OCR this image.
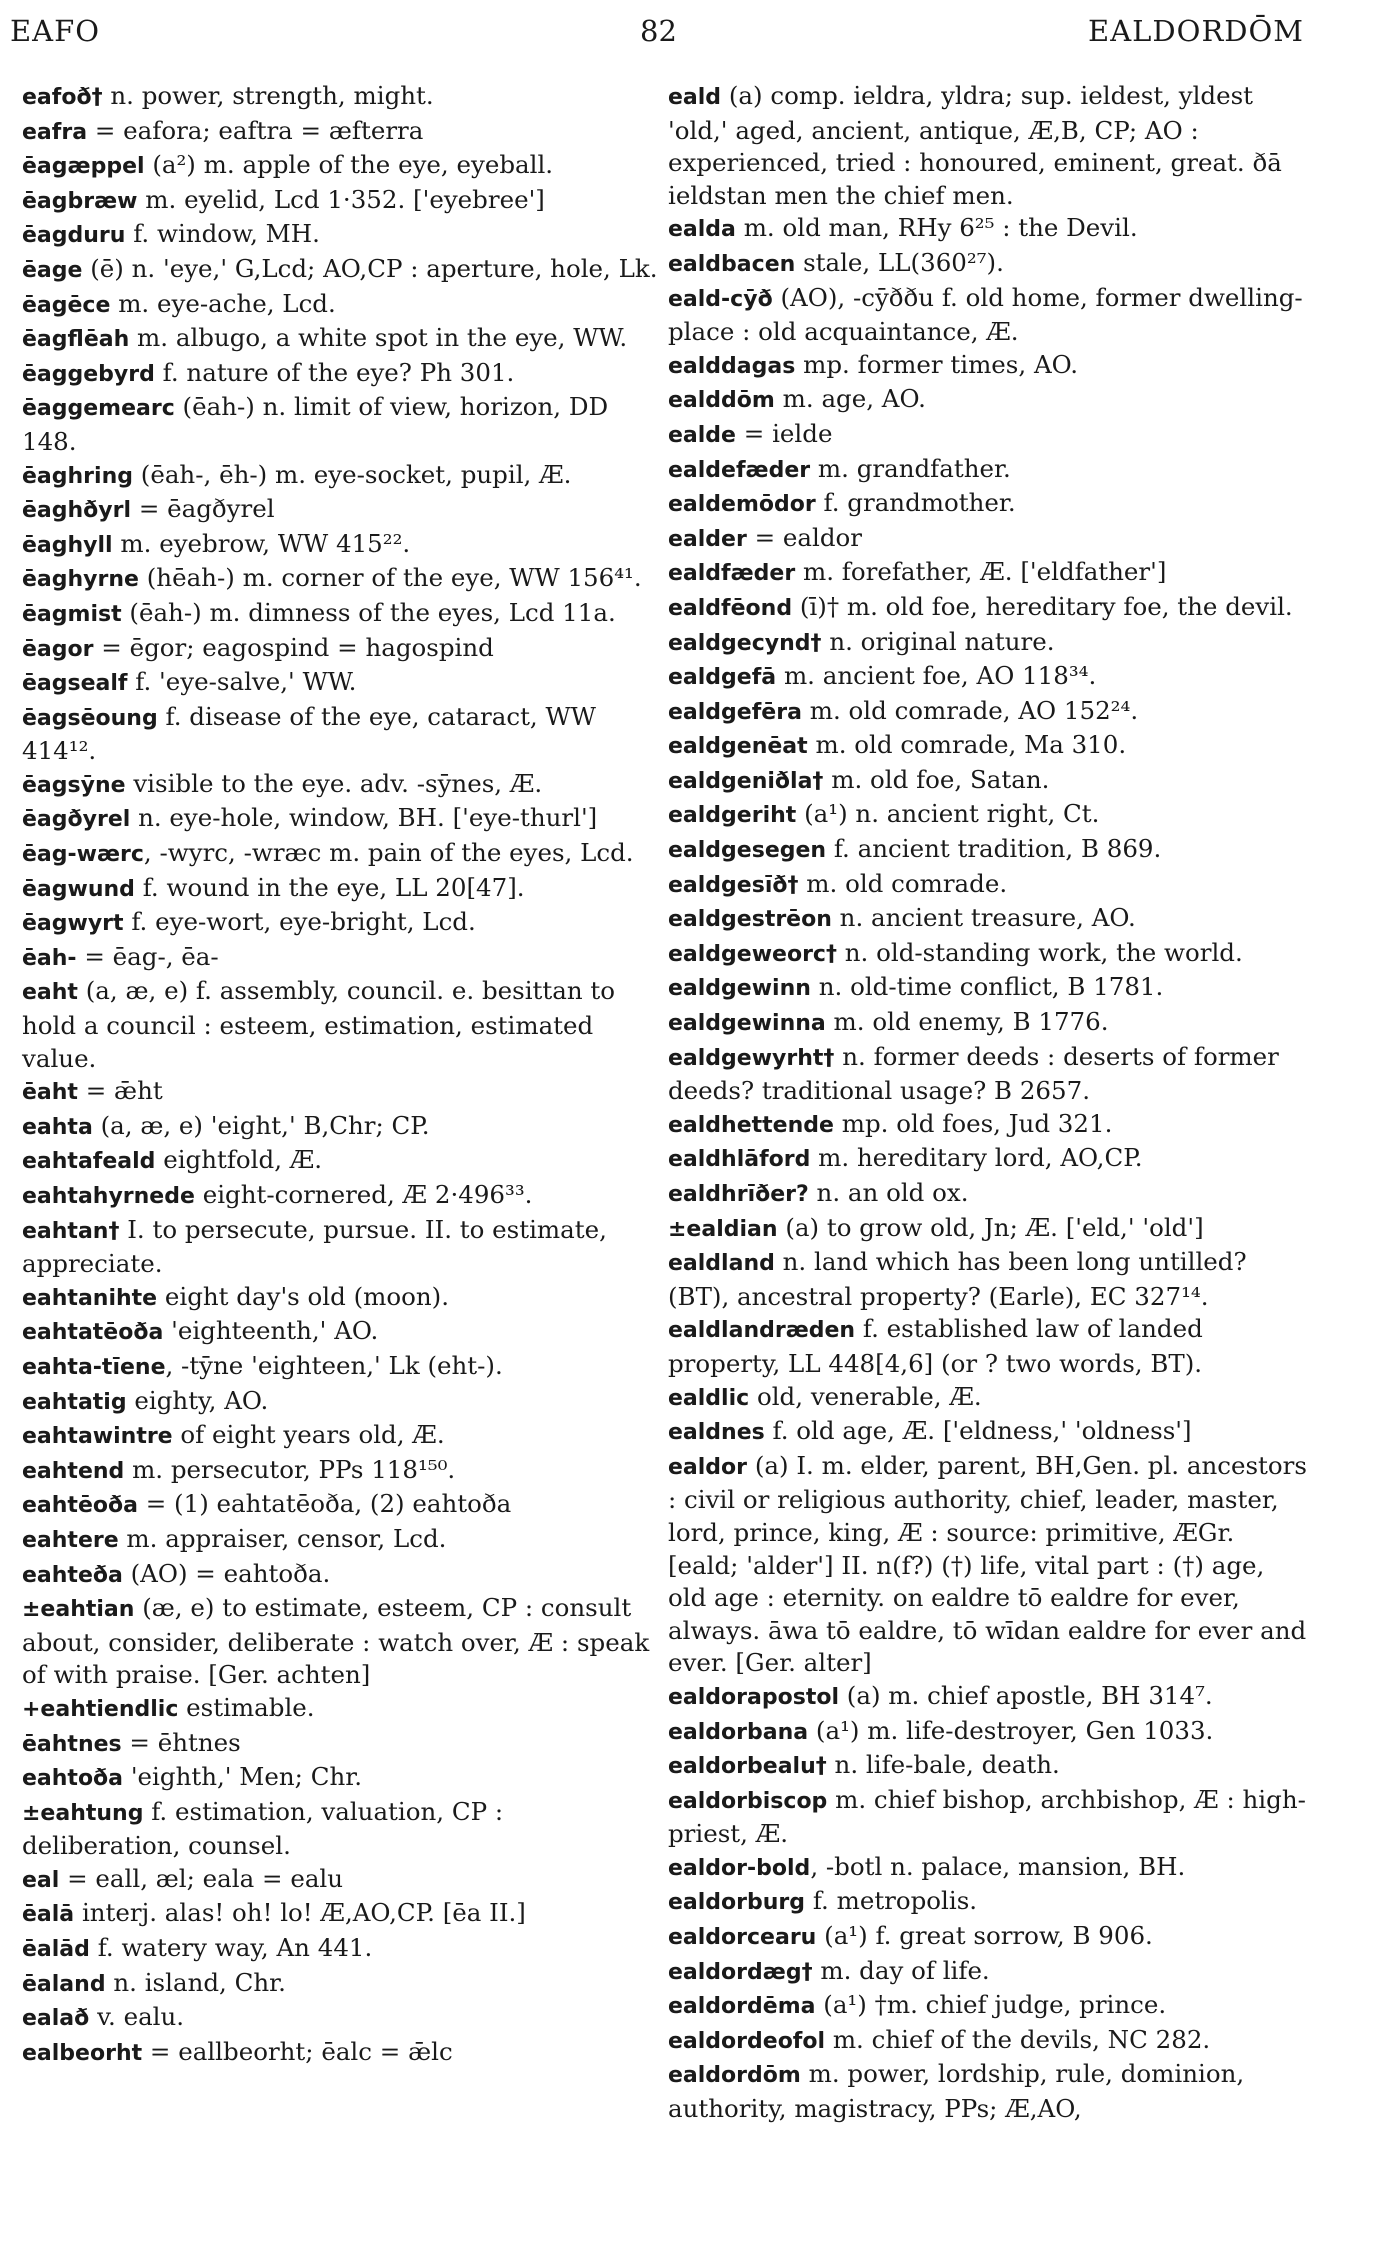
EAFO	82	EALDORDŌM

eafoð† n. power, strength, might.

eafra = eafora; eaftra = æfterra

ēagæppel (a²) m. apple of the eye, eyeball.

ēagbræw m. eyelid, Lcd 1·352. ['eyebree']

ēagduru f. window, MH.

ēage (ē) n. 'eye,' G,Lcd; AO,CP : aperture, hole, Lk.

ēagēce m. eye-ache, Lcd.

ēagflēah m. albugo, a white spot in the eye, WW.

ēaggebyrd f. nature of the eye? Ph 301.

ēaggemearc (ēah-) n. limit of view, horizon, DD 148.

ēaghring (ēah-, ēh-) m. eye-socket, pupil, Æ.

ēaghðyrl = ēagðyrel

ēaghyll m. eyebrow, WW 415²².

ēaghyrne (hēah-) m. corner of the eye, WW 156⁴¹.

ēagmist (ēah-) m. dimness of the eyes, Lcd 11a.

ēagor = ēgor; eagospind = hagospind

ēagsealf f. 'eye-salve,' WW.

ēagsēoung f. disease of the eye, cataract, WW 414¹².

ēagsȳne visible to the eye. adv. -sȳnes, Æ.

ēagðyrel n. eye-hole, window, BH. ['eye-thurl']

ēag-wærc, -wyrc, -wræc m. pain of the eyes, Lcd.

ēagwund f. wound in the eye, LL 20[47].

ēagwyrt f. eye-wort, eye-bright, Lcd.

ēah- = ēag-, ēa-

eaht (a, æ, e) f. assembly, council. e. besittan to hold a council : esteem, estimation, estimated value.

ēaht = ǣht

eahta (a, æ, e) 'eight,' B,Chr; CP.

eahtafeald eightfold, Æ.

eahtahyrnede eight-cornered, Æ 2·496³³.

eahtan† I. to persecute, pursue. II. to estimate, appreciate.

eahtanihte eight day's old (moon).

eahtatēoða 'eighteenth,' AO.

eahta-tīene, -tȳne 'eighteen,' Lk (eht-).

eahtatig eighty, AO.

eahtawintre of eight years old, Æ.

eahtend m. persecutor, PPs 118¹⁵⁰.

eahtēoða = (1) eahtatēoða, (2) eahtoða

eahtere m. appraiser, censor, Lcd.

eahteða (AO) = eahtoða.

±eahtian (æ, e) to estimate, esteem, CP : consult about, consider, deliberate : watch over, Æ : speak of with praise. [Ger. achten]

+eahtiendlic estimable.

ēahtnes = ēhtnes

eahtoða 'eighth,' Men; Chr.

±eahtung f. estimation, valuation, CP : deliberation, counsel.

eal = eall, æl; eala = ealu

ēalā interj. alas! oh! lo! Æ,AO,CP. [ēa II.]

ēalād f. watery way, An 441.

ēaland n. island, Chr.

ealað v. ealu.

ealbeorht = eallbeorht; ēalc = ǣlc

eald (a) comp. ieldra, yldra; sup. ieldest, yldest 'old,' aged, ancient, antique, Æ,B, CP; AO : experienced, tried : honoured, eminent, great. ðā ieldstan men the chief men.

ealda m. old man, RHy 6²⁵ : the Devil.

ealdbacen stale, LL(360²⁷).

eald-cȳð (AO), -cȳððu f. old home, former dwelling-place : old acquaintance, Æ.

ealddagas mp. former times, AO.

ealddōm m. age, AO.

ealde = ielde

ealdefæder m. grandfather.

ealdemōdor f. grandmother.

ealder = ealdor

ealdfæder m. forefather, Æ. ['eldfather']

ealdfēond (ī)† m. old foe, hereditary foe, the devil.

ealdgecynd† n. original nature.

ealdgefā m. ancient foe, AO 118³⁴.

ealdgefēra m. old comrade, AO 152²⁴.

ealdgenēat m. old comrade, Ma 310.

ealdgeniðla† m. old foe, Satan.

ealdgeriht (a¹) n. ancient right, Ct.

ealdgesegen f. ancient tradition, B 869.

ealdgesīð† m. old comrade.

ealdgestrēon n. ancient treasure, AO.

ealdgeweorc† n. old-standing work, the world.

ealdgewinn n. old-time conflict, B 1781.

ealdgewinna m. old enemy, B 1776.

ealdgewyrht† n. former deeds : deserts of former deeds? traditional usage? B 2657.

ealdhettende mp. old foes, Jud 321.

ealdhlāford m. hereditary lord, AO,CP.

ealdhrīðer? n. an old ox.

±ealdian (a) to grow old, Jn; Æ. ['eld,' 'old']

ealdland n. land which has been long untilled? (BT), ancestral property? (Earle), EC 327¹⁴.

ealdlandræden f. established law of landed property, LL 448[4,6] (or ? two words, BT).

ealdlic old, venerable, Æ.

ealdnes f. old age, Æ. ['eldness,' 'oldness']

ealdor (a) I. m. elder, parent, BH,Gen. pl. ancestors : civil or religious authority, chief, leader, master, lord, prince, king, Æ : source: primitive, ÆGr. [eald; 'alder'] II. n(f?) (†) life, vital part : (†) age, old age : eternity. on ealdre tō ealdre for ever, always. āwa tō ealdre, tō wīdan ealdre for ever and ever. [Ger. alter]

ealdorapostol (a) m. chief apostle, BH 314⁷.

ealdorbana (a¹) m. life-destroyer, Gen 1033.

ealdorbealu† n. life-bale, death.

ealdorbiscop m. chief bishop, archbishop, Æ : high-priest, Æ.

ealdor-bold, -botl n. palace, mansion, BH.

ealdorburg f. metropolis.

ealdorcearu (a¹) f. great sorrow, B 906.

ealdordæg† m. day of life.

ealdordēma (a¹) †m. chief judge, prince.

ealdordeofol m. chief of the devils, NC 282.

ealdordōm m. power, lordship, rule, dominion, authority, magistracy, PPs; Æ,AO,
